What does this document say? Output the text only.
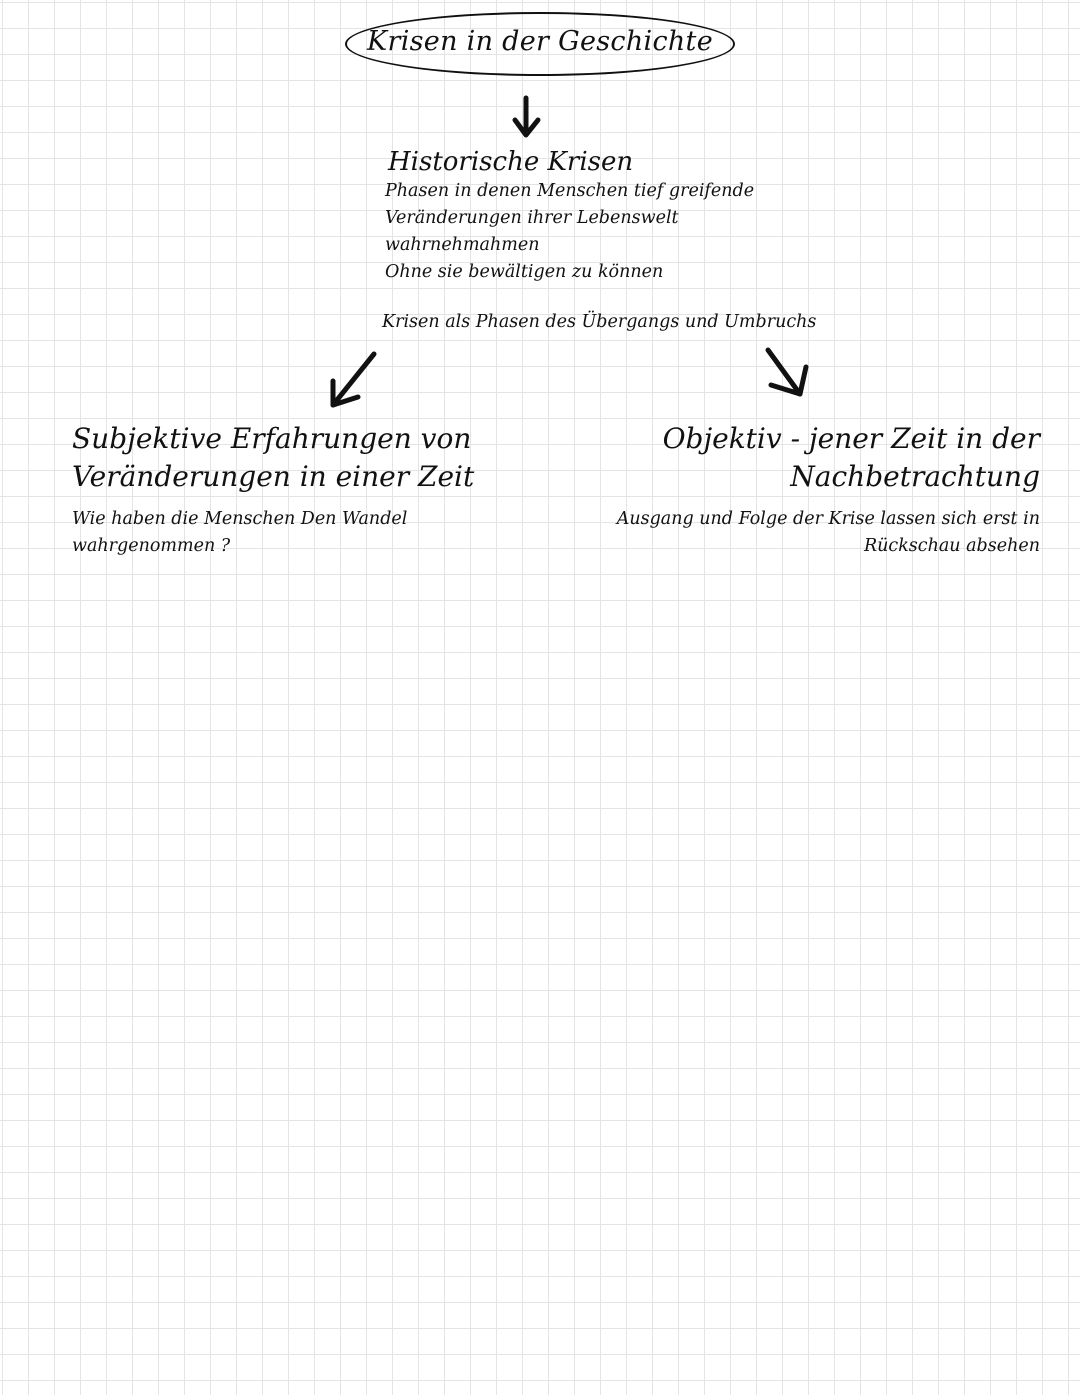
Krisen in der Geschichte
Historische Krisen
Phasen in denen Menschen tief greifende
Veränderungen ihrer Lebenswelt
wahrnehmahmen
Ohne sie bewältigen zu können
Krisen als Phasen des Übergangs und Umbruchs
Subjektive Erfahrungen von
Veränderungen in einer Zeit
Wie haben die Menschen Den Wandel
wahrgenommen ?
Objektiv - jener Zeit in der
Nachbetrachtung
Ausgang und Folge der Krise lassen sich erst in
Rückschau absehen
